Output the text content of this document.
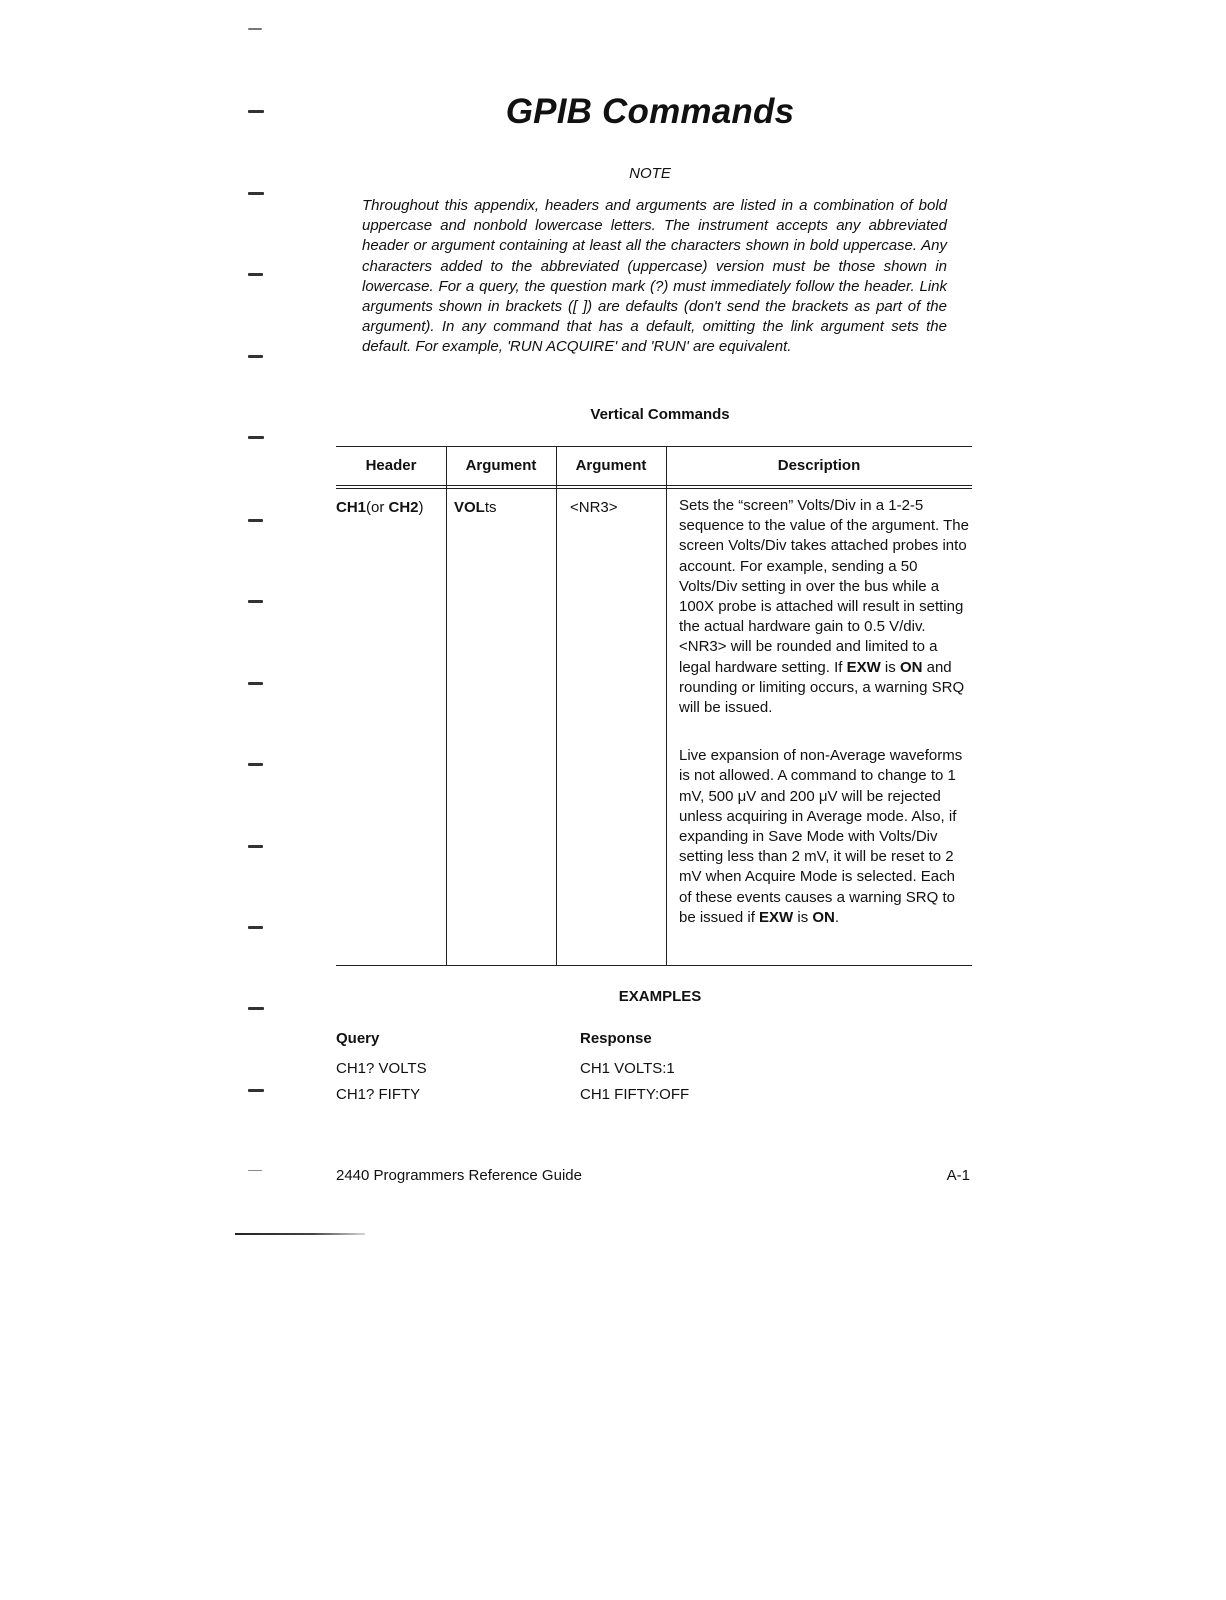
GPIB Commands
NOTE
Throughout this appendix, headers and arguments are listed in a combination of bold uppercase and nonbold lowercase letters. The instrument accepts any abbreviated header or argument containing at least all the characters shown in bold uppercase. Any characters added to the abbreviated (uppercase) version must be those shown in lowercase. For a query, the question mark (?) must immediately follow the header. Link arguments shown in brackets ([ ]) are defaults (don't send the brackets as part of the argument). In any command that has a default, omitting the link argument sets the default. For example, 'RUN ACQUIRE' and 'RUN' are equivalent.
Vertical Commands
Header	Argument	Argument	Description
CH1(or CH2)	VOLts	<NR3>	Sets the “screen” Volts/Div in a 1-2-5 sequence to the value of the argument. The screen Volts/Div takes attached probes into account. For example, sending a 50 Volts/Div setting in over the bus while a 100X probe is attached will result in setting the actual hardware gain to 0.5 V/div. <NR3> will be rounded and limited to a legal hardware setting. If EXW is ON and rounding or limiting occurs, a warning SRQ will be issued.

Live expansion of non-Average waveforms is not allowed. A command to change to 1 mV, 500 μV and 200 μV will be rejected unless acquiring in Average mode. Also, if expanding in Save Mode with Volts/Div setting less than 2 mV, it will be reset to 2 mV when Acquire Mode is selected. Each of these events causes a warning SRQ to be issued if EXW is ON.

EXAMPLES
Query	Response
CH1? VOLTS	CH1 VOLTS:1
CH1? FIFTY	CH1 FIFTY:OFF
2440 Programmers Reference Guide	A-1
